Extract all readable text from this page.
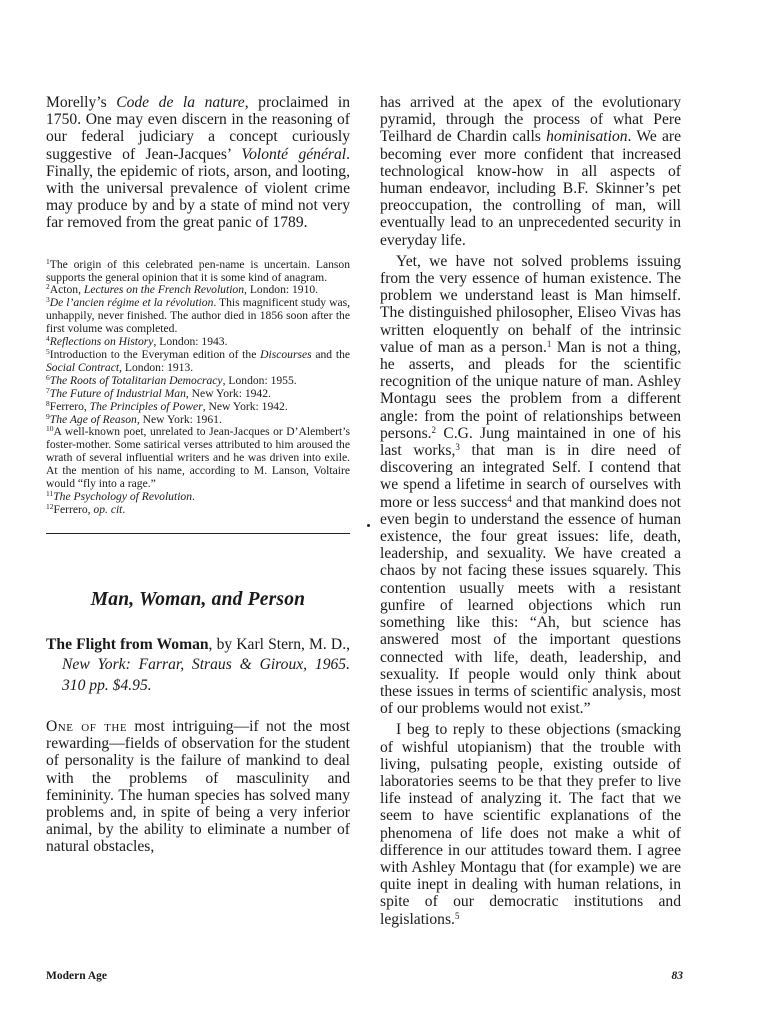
Morelly’s Code de la nature, proclaimed in 1750. One may even discern in the reasoning of our federal judiciary a concept curiously suggestive of Jean-Jacques’ Volonté général. Finally, the epidemic of riots, arson, and looting, with the universal prevalence of violent crime may produce by and by a state of mind not very far removed from the great panic of 1789.

$^1$The origin of this celebrated pen-name is uncertain. Lanson supports the general opinion that it is some kind of anagram.

$^2$Acton, Lectures on the French Revolution, London: 1910.

$^3$De l’ancien régime et la révolution. This magnificent study was, unhappily, never finished. The author died in 1856 soon after the first volume was completed.

$^4$Reflections on History, London: 1943.

$^5$Introduction to the Everyman edition of the Discourses and the Social Contract, London: 1913.

$^6$The Roots of Totalitarian Democracy, London: 1955.

$^7$The Future of Industrial Man, New York: 1942.

$^8$Ferrero, The Principles of Power, New York: 1942.

$^9$The Age of Reason, New York: 1961.

$^{10}$A well-known poet, unrelated to Jean-Jacques or D’Alembert’s foster-mother. Some satirical verses attributed to him aroused the wrath of several influential writers and he was driven into exile. At the mention of his name, according to M. Lanson, Voltaire would “fly into a rage.”

$^{11}$The Psychology of Revolution.

$^{12}$Ferrero, op. cit.

Man, Woman, and Person

The Flight from Woman, by Karl Stern, M. D., New York: Farrar, Straus & Giroux, 1965. 310 pp. $4.95.

One of the most intriguing—if not the most rewarding—fields of observation for the student of personality is the failure of mankind to deal with the problems of masculinity and femininity. The human species has solved many problems and, in spite of being a very inferior animal, by the ability to eliminate a number of natural obstacles,

has arrived at the apex of the evolutionary pyramid, through the process of what Pere Teilhard de Chardin calls hominisation. We are becoming ever more confident that increased technological know-how in all aspects of human endeavor, including B.F. Skinner’s pet preoccupation, the controlling of man, will eventually lead to an unprecedented security in everyday life.

Yet, we have not solved problems issuing from the very essence of human existence. The problem we understand least is Man himself. The distinguished philosopher, Eliseo Vivas has written eloquently on behalf of the intrinsic value of man as a person.$^1$ Man is not a thing, he asserts, and pleads for the scientific recognition of the unique nature of man. Ashley Montagu sees the problem from a different angle: from the point of relationships between persons.$^2$ C.G. Jung maintained in one of his last works,$^3$ that man is in dire need of discovering an integrated Self. I contend that we spend a lifetime in search of ourselves with more or less success$^4$ and that mankind does not even begin to understand the essence of human existence, the four great issues: life, death, leadership, and sexuality. We have created a chaos by not facing these issues squarely. This contention usually meets with a resistant gunfire of learned objections which run something like this: “Ah, but science has answered most of the important questions connected with life, death, leadership, and sexuality. If people would only think about these issues in terms of scientific analysis, most of our problems would not exist.”

I beg to reply to these objections (smacking of wishful utopianism) that the trouble with living, pulsating people, existing outside of laboratories seems to be that they prefer to live life instead of analyzing it. The fact that we seem to have scientific explanations of the phenomena of life does not make a whit of difference in our attitudes toward them. I agree with Ashley Montagu that (for example) we are quite inept in dealing with human relations, in spite of our democratic institutions and legislations.$^5$

Modern Age	83
